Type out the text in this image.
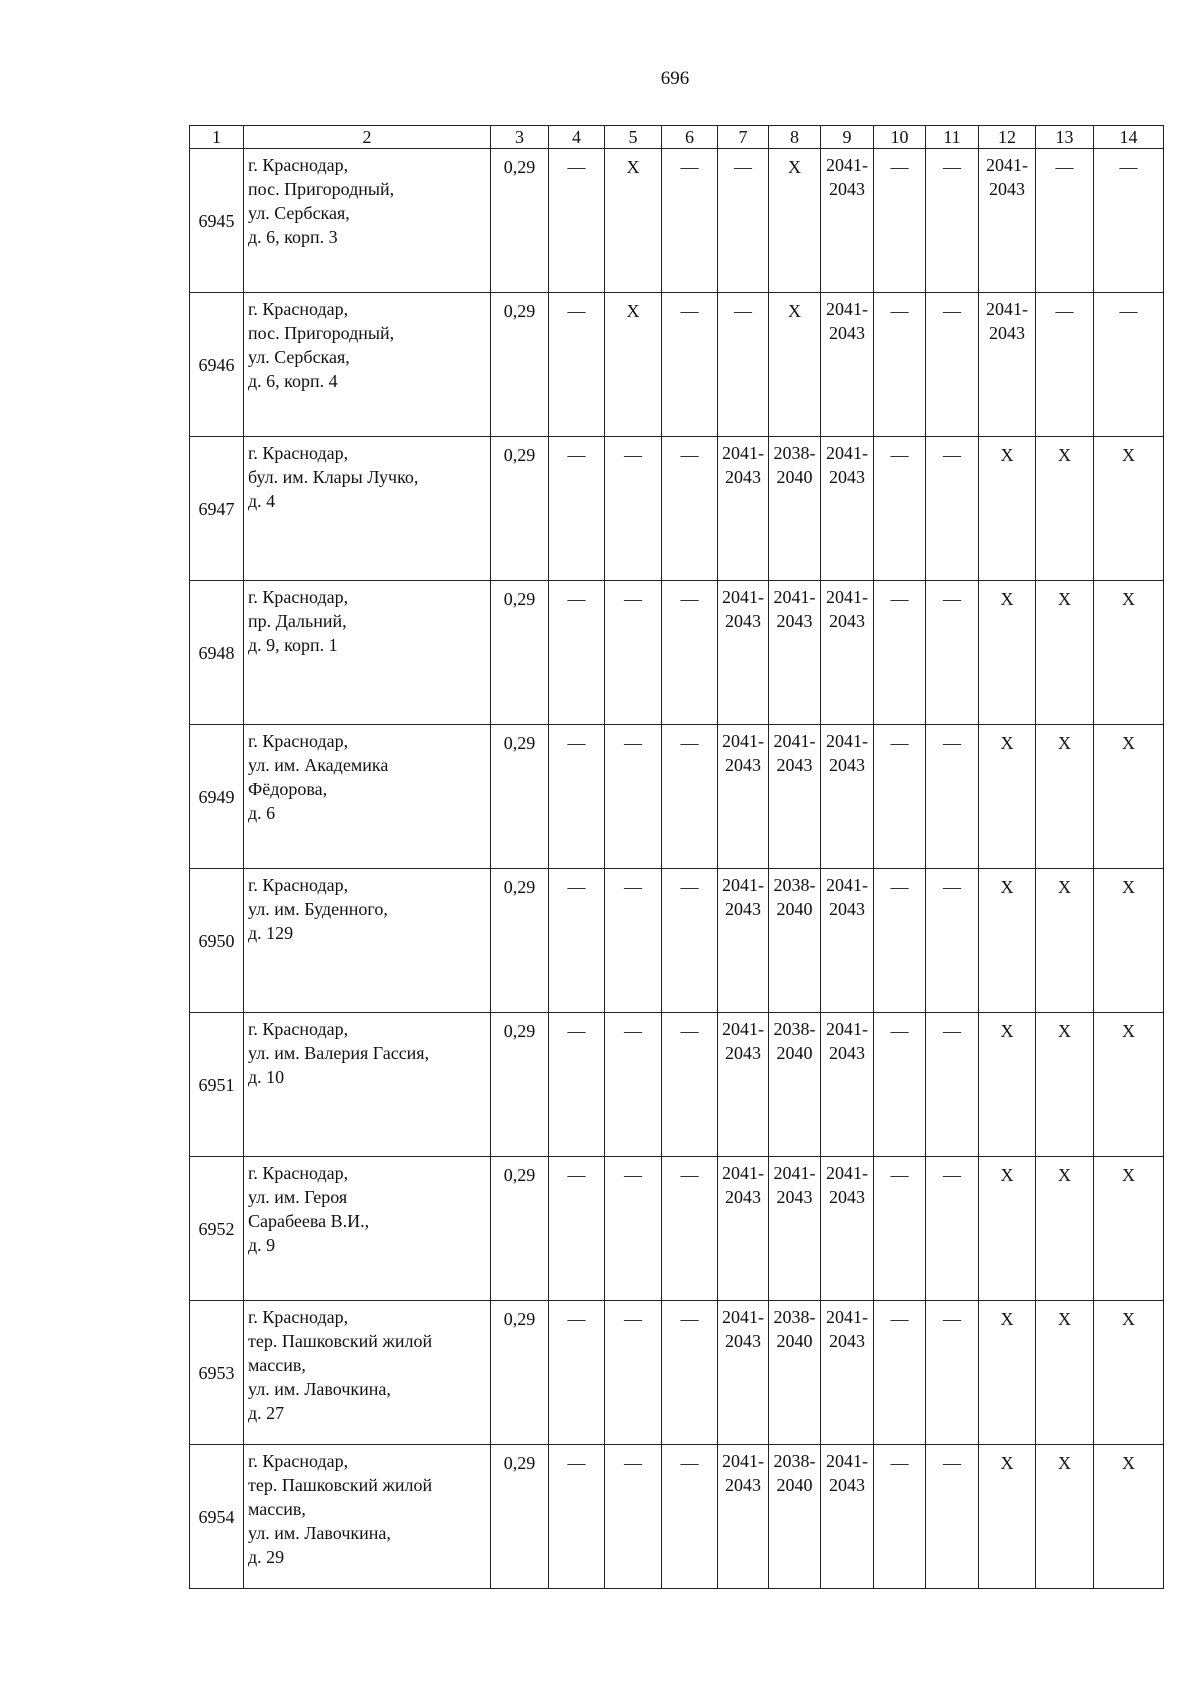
696
1	2	3	4	5	6	7	8	9	10	11	12	13	14
6945	г. Краснодар,
пос. Пригородный,
ул. Сербская,
д. 6, корп. 3	0,29	—	X	—	—	X	2041-
2043	—	—	2041-
2043	—	—
6946	г. Краснодар,
пос. Пригородный,
ул. Сербская,
д. 6, корп. 4	0,29	—	X	—	—	X	2041-
2043	—	—	2041-
2043	—	—
6947	г. Краснодар,
бул. им. Клары Лучко,
д. 4	0,29	—	—	—	2041-
2043	2038-
2040	2041-
2043	—	—	X	X	X
6948	г. Краснодар,
пр. Дальний,
д. 9, корп. 1	0,29	—	—	—	2041-
2043	2041-
2043	2041-
2043	—	—	X	X	X
6949	г. Краснодар,
ул. им. Академика
Фёдорова,
д. 6	0,29	—	—	—	2041-
2043	2041-
2043	2041-
2043	—	—	X	X	X
6950	г. Краснодар,
ул. им. Буденного,
д. 129	0,29	—	—	—	2041-
2043	2038-
2040	2041-
2043	—	—	X	X	X
6951	г. Краснодар,
ул. им. Валерия Гассия,
д. 10	0,29	—	—	—	2041-
2043	2038-
2040	2041-
2043	—	—	X	X	X
6952	г. Краснодар,
ул. им. Героя
Сарабеева В.И.,
д. 9	0,29	—	—	—	2041-
2043	2041-
2043	2041-
2043	—	—	X	X	X
6953	г. Краснодар,
тер. Пашковский жилой
массив,
ул. им. Лавочкина,
д. 27	0,29	—	—	—	2041-
2043	2038-
2040	2041-
2043	—	—	X	X	X
6954	г. Краснодар,
тер. Пашковский жилой
массив,
ул. им. Лавочкина,
д. 29	0,29	—	—	—	2041-
2043	2038-
2040	2041-
2043	—	—	X	X	X
